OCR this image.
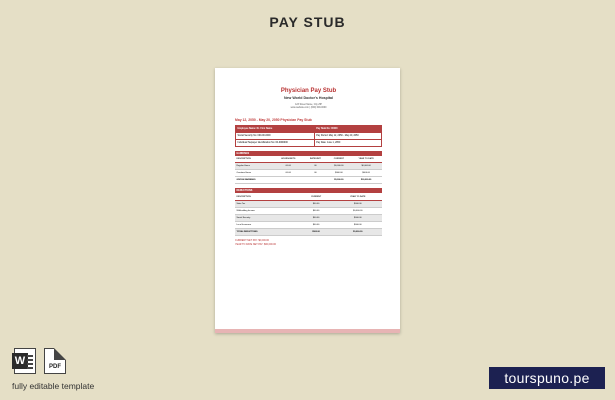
PAY STUB
Physician Pay Stub
New World Doctor's Hospital
123 Street Name, City ZIP
www.website.com | (000) 000-0000
May 12, 2050 - May 20, 2050 Physician Pay Stub
Employee Name: Dr. First Name	Pay Stub No: 00000
Social Security No: 000-00-0000	Pay Period: May 12, 2050 - May 20, 2050
Individual Taxpayer Identification No: 00-0000000	Pay Date: June 1, 2050
EARNINGS
DESCRIPTION	HOURS/UNITS	RATE/UNIT	CURRENT	YEAR TO DATE
Regular Hours	00.00	00	$0,000.00	$0,000.00
Overtime Hours	00.00	00	$000.00	$000.00
GROSS EARNINGS			$0,000.00	$00,000.00
DEDUCTIONS
DESCRIPTION	CURRENT	YEAR TO DATE
State Tax	$00.00	$000.00
Withholding Income	$00.00	$0,000.00
Social Security	$00.00	$000.00
Local Insurance	$00.00	$000.00
TOTAL DEDUCTIONS	$000.00	$0,000.00
CURRENT NET PAY: $0,000.00
YEAR TO DATE NET PAY: $00,000.00
W	PDF
fully editable template	tourspuno.pe
